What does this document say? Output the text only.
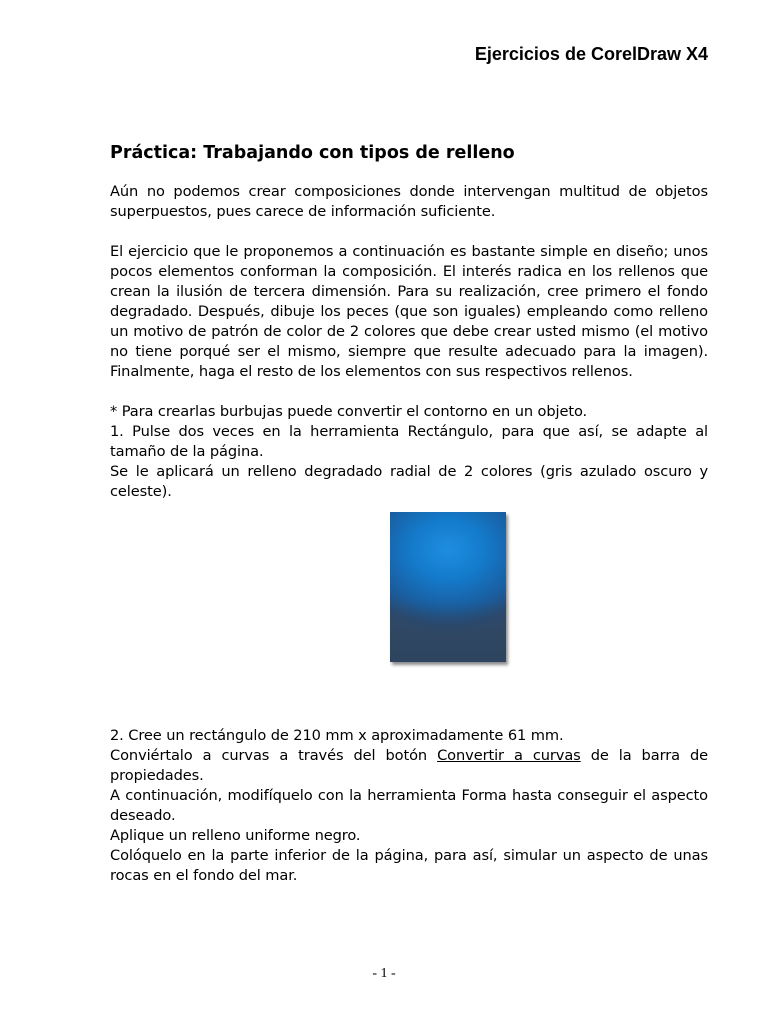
Ejercicios de CorelDraw X4
Práctica: Trabajando con tipos de relleno

Aún no podemos crear composiciones donde intervengan multitud de objetos superpuestos, pues carece de información suficiente.

El ejercicio que le proponemos a continuación es bastante simple en diseño; unos pocos elementos conforman la composición. El interés radica en los rellenos que crean la ilusión de tercera dimensión. Para su realización, cree primero el fondo degradado. Después, dibuje los peces (que son iguales) empleando como relleno un motivo de patrón de color de 2 colores que debe crear usted mismo (el motivo no tiene porqué ser el mismo, siempre que resulte adecuado para la imagen). Finalmente, haga el resto de los elementos con sus respectivos rellenos.

* Para crearlas burbujas puede convertir el contorno en un objeto.

1. Pulse dos veces en la herramienta Rectángulo, para que así, se adapte al tamaño de la página.

Se le aplicará un relleno degradado radial de 2 colores (gris azulado oscuro y celeste).

2. Cree un rectángulo de 210 mm x aproximadamente 61 mm.

Conviértalo a curvas a través del botón Convertir a curvas de la barra de propiedades.

A continuación, modifíquelo con la herramienta Forma hasta conseguir el aspecto deseado.

Aplique un relleno uniforme negro.

Colóquelo en la parte inferior de la página, para así, simular un aspecto de unas rocas en el fondo del mar.

- 1 -
